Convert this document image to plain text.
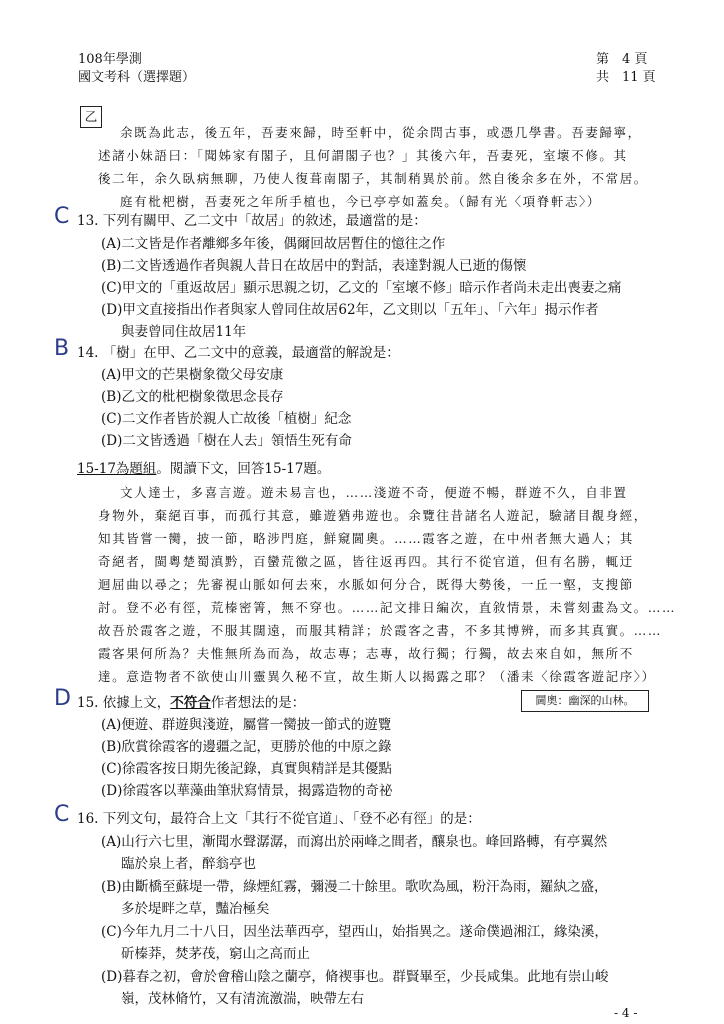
108年學測
國文考科（選擇題）
第　4 頁
共　11 頁
乙
余既為此志，後五年，吾妻來歸，時至軒中，從余問古事，或憑几學書。吾妻歸寧，
述諸小妹語曰：「聞姊家有閣子，且何謂閣子也？」其後六年，吾妻死，室壞不修。其
後二年，余久臥病無聊，乃使人復葺南閣子，其制稍異於前。然自後余多在外，不常居。
庭有枇杷樹，吾妻死之年所手植也，今已亭亭如蓋矣。（歸有光〈項脊軒志〉）
C 13. 下列有關甲、乙二文中「故居」的敘述，最適當的是：
(A)二文皆是作者離鄉多年後，偶爾回故居暫住的憶往之作
(B)二文皆透過作者與親人昔日在故居中的對話，表達對親人已逝的傷懷
(C)甲文的「重返故居」顯示思親之切，乙文的「室壞不修」暗示作者尚未走出喪妻之痛
(D)甲文直接指出作者與家人曾同住故居62年，乙文則以「五年」、「六年」揭示作者
與妻曾同住故居11年
B 14. 「樹」在甲、乙二文中的意義，最適當的解說是：
(A)甲文的芒果樹象徵父母安康
(B)乙文的枇杷樹象徵思念長存
(C)二文作者皆於親人亡故後「植樹」紀念
(D)二文皆透過「樹在人去」領悟生死有命
15-17為題組。閱讀下文，回答15-17題。
文人達士，多喜言遊。遊未易言也，……淺遊不奇，便遊不暢，群遊不久，自非置
身物外，棄絕百事，而孤行其意，雖遊猶弗遊也。余覽往昔諸名人遊記，驗諸目覩身經，
知其皆嘗一臠，披一節，略涉門庭，鮮窺閫奧。……霞客之遊，在中州者無大過人；其
奇絕者，閩粵楚蜀滇黔，百蠻荒徼之區，皆往返再四。其行不從官道，但有名勝，輒迂
迴屈曲以尋之；先審視山脈如何去來，水脈如何分合，既得大勢後，一丘一壑，支搜節
討。登不必有徑，荒榛密箐，無不穿也。……記文排日編次，直敘情景，未嘗刻畫為文。……
故吾於霞客之遊，不服其闊遠，而服其精詳；於霞客之書，不多其博辨，而多其真實。……
霞客果何所為？夫惟無所為而為，故志專；志專，故行獨；行獨，故去來自如，無所不
達。意造物者不欲使山川靈異久秘不宣，故生斯人以揭露之耶？（潘耒〈徐霞客遊記序〉）
閫奧：幽深的山林。
D 15. 依據上文，不符合作者想法的是：
(A)便遊、群遊與淺遊，屬嘗一臠披一節式的遊覽
(B)欣賞徐霞客的邊疆之記，更勝於他的中原之錄
(C)徐霞客按日期先後記錄，真實與精詳是其優點
(D)徐霞客以華藻曲筆狀寫情景，揭露造物的奇祕
C 16. 下列文句，最符合上文「其行不從官道」、「登不必有徑」的是：
(A)山行六七里，漸聞水聲潺潺，而瀉出於兩峰之間者，釀泉也。峰回路轉，有亭翼然
臨於泉上者，醉翁亭也
(B)由斷橋至蘇堤一帶，綠煙紅霧，彌漫二十餘里。歌吹為風，粉汗為雨，羅紈之盛，
多於堤畔之草，豔冶極矣
(C)今年九月二十八日，因坐法華西亭，望西山，始指異之。遂命僕過湘江，緣染溪，
斫榛莽，焚茅茷，窮山之高而止
(D)暮春之初，會於會稽山陰之蘭亭，脩禊事也。群賢畢至，少長咸集。此地有崇山峻
嶺，茂林脩竹，又有清流激湍，映帶左右
- 4 -
